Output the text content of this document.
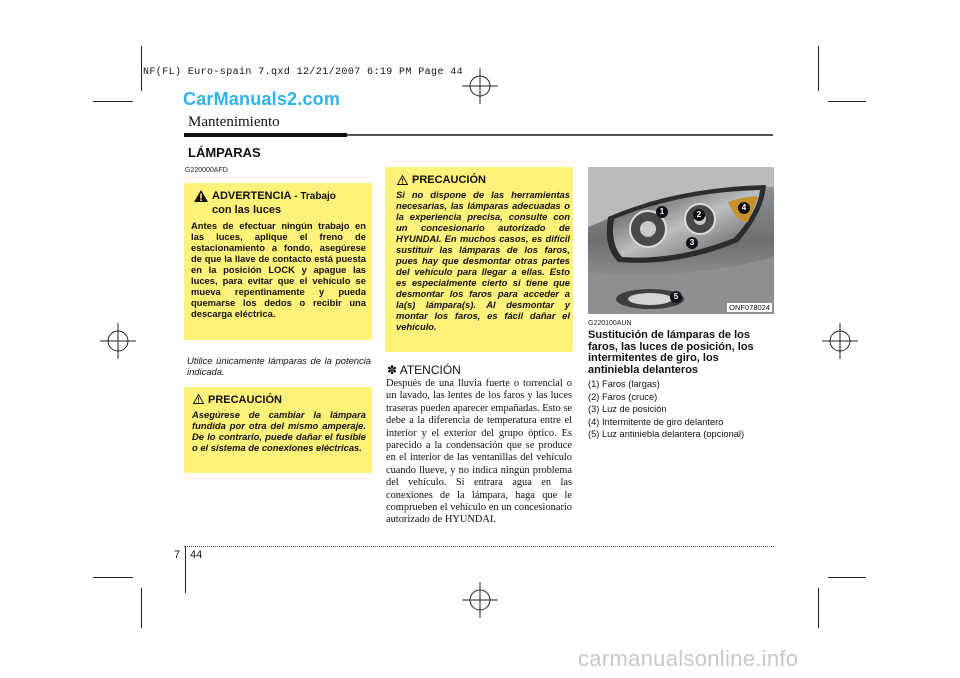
NF(FL) Euro-spain 7.qxd 12/21/2007 6:19 PM Page 44
CarManuals2.com
Mantenimiento
LÁMPARAS
G220000AFD
ADVERTENCIA - Trabajo
con las luces
Antes de efectuar ningún trabajo en las luces, aplique el freno de estacionamiento a fondo, asegúrese de que la llave de contacto está puesta en la posición LOCK y apague las luces, para evitar que el vehículo se mueva repentinamente y pueda quemarse los dedos o recibir una descarga eléctrica.
Utilice únicamente lámparas de la potencia indicada.
PRECAUCIÓN
Asegúrese de cambiar la lámpara fundida por otra del mismo amperaje. De lo contrario, puede dañar el fusible o el sistema de conexiones eléctricas.
PRECAUCIÓN
Si no dispone de las herramientas necesarias, las lámparas adecuadas o la experiencia precisa, consulte con un concesionario autorizado de HYUNDAI. En muchos casos, es difícil sustituir las lámparas de los faros, pues hay que desmontar otras partes del vehículo para llegar a ellas. Esto es especialmente cierto si tiene que desmontar los faros para acceder a la(s) lámpara(s). Al desmontar y montar los faros, es fácil dañar el vehículo.
✽ ATENCIÓN
Después de una lluvia fuerte o torrencial o un lavado, las lentes de los faros y las luces traseras pueden aparecer empañadas. Esto se debe a la diferencia de temperatura entre el interior y el exterior del grupo óptico. Es parecido a la condensación que se produce en el interior de las ventanillas del vehículo cuando llueve, y no indica ningún problema del vehículo. Si entrara agua en las conexiones de la lámpara, haga que le comprueben el vehículo en un concesionario autorizado de HYUNDAI.
1	2
3
4
5
ONF078024
G220100AUN
Sustitución de lámparas de los faros, las luces de posición, los intermitentes de giro, los antiniebla delanteros
(1) Faros (largas)
(2) Faros (cruce)
(3) Luz de posición
(4) Intermitente de giro delantero
(5) Luz antiniebla delantera (opcional)
7 44
carmanualsonline.info
